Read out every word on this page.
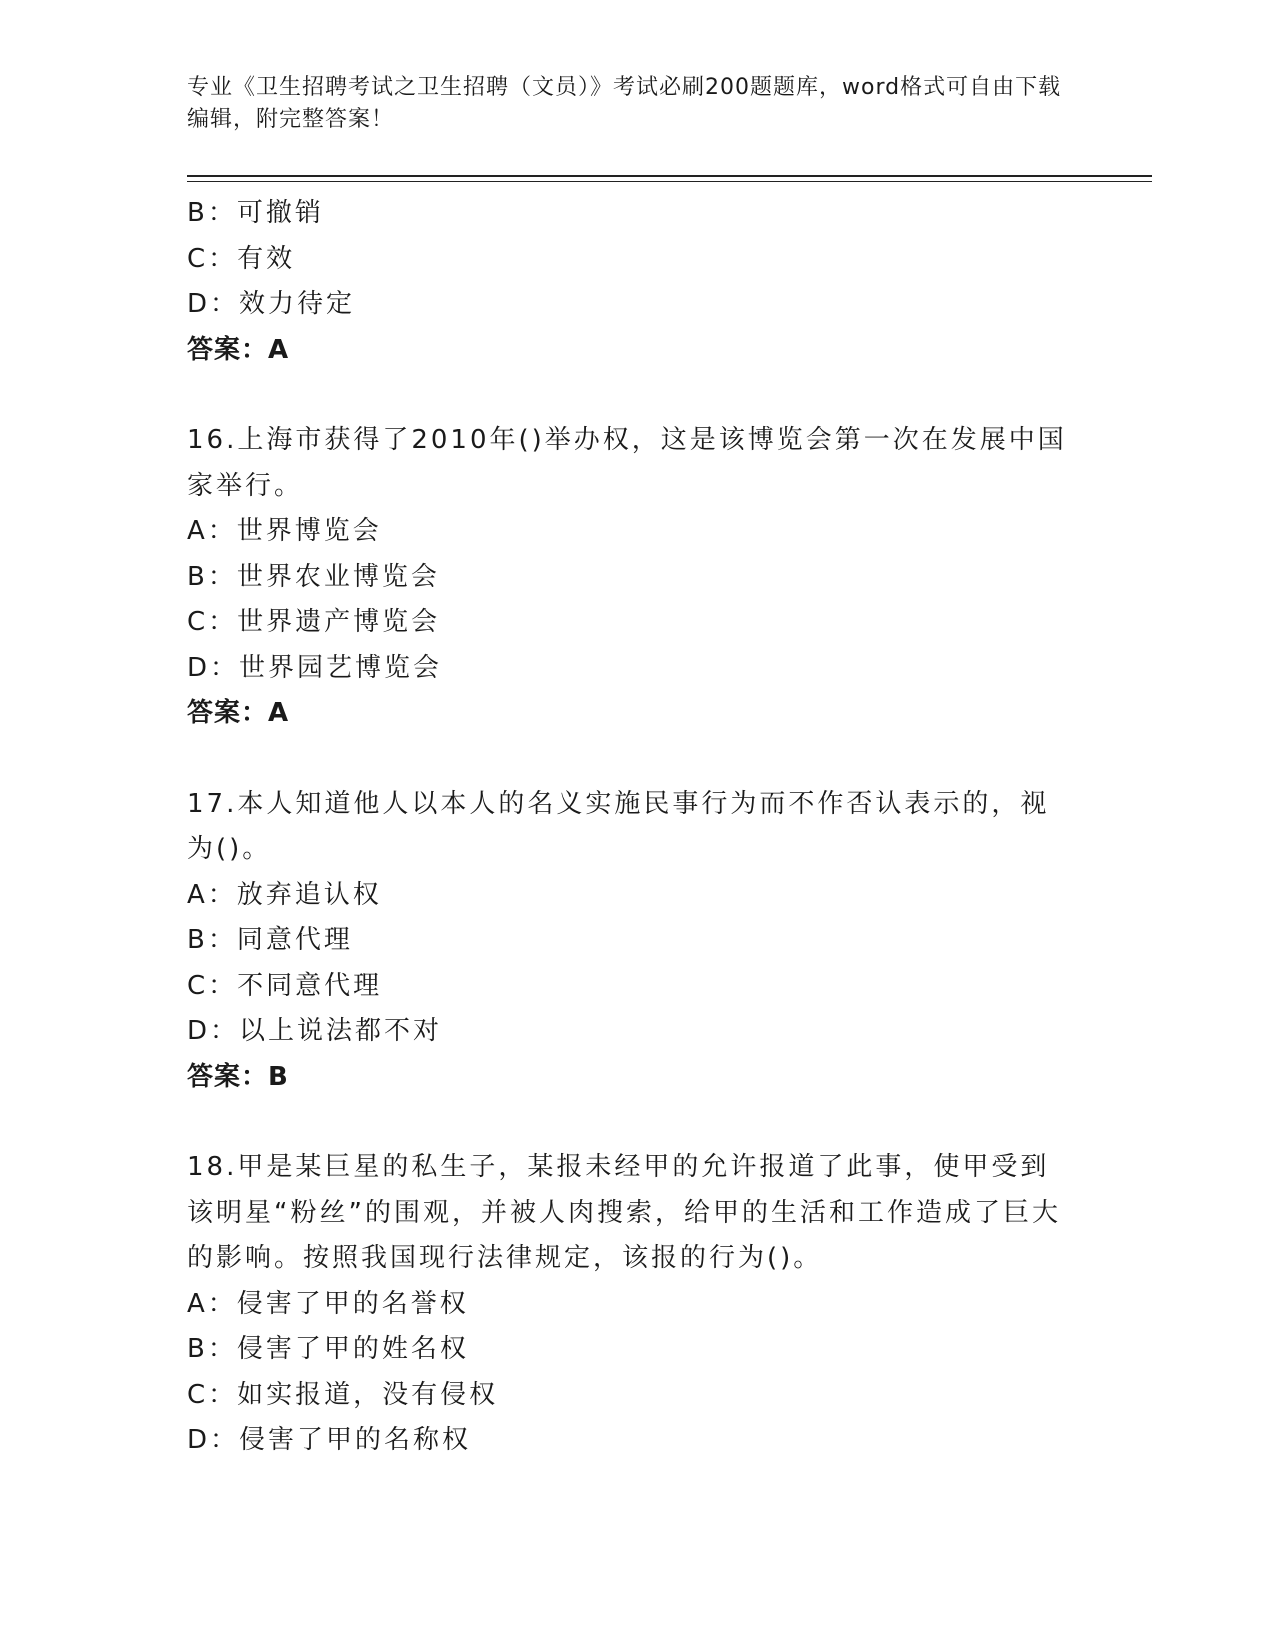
专业《卫生招聘考试之卫生招聘（文员）》考试必刷200题题库，word格式可自由下载编辑，附完整答案！
B：可撤销
C：有效
D：效力待定
答案：A
16.上海市获得了2010年()举办权，这是该博览会第一次在发展中国家举行。
A：世界博览会
B：世界农业博览会
C：世界遗产博览会
D：世界园艺博览会
答案：A
17.本人知道他人以本人的名义实施民事行为而不作否认表示的，视为()。
A：放弃追认权
B：同意代理
C：不同意代理
D：以上说法都不对
答案：B
18.甲是某巨星的私生子，某报未经甲的允许报道了此事，使甲受到该明星“粉丝”的围观，并被人肉搜索，给甲的生活和工作造成了巨大的影响。按照我国现行法律规定，该报的行为()。
A：侵害了甲的名誉权
B：侵害了甲的姓名权
C：如实报道，没有侵权
D：侵害了甲的名称权
